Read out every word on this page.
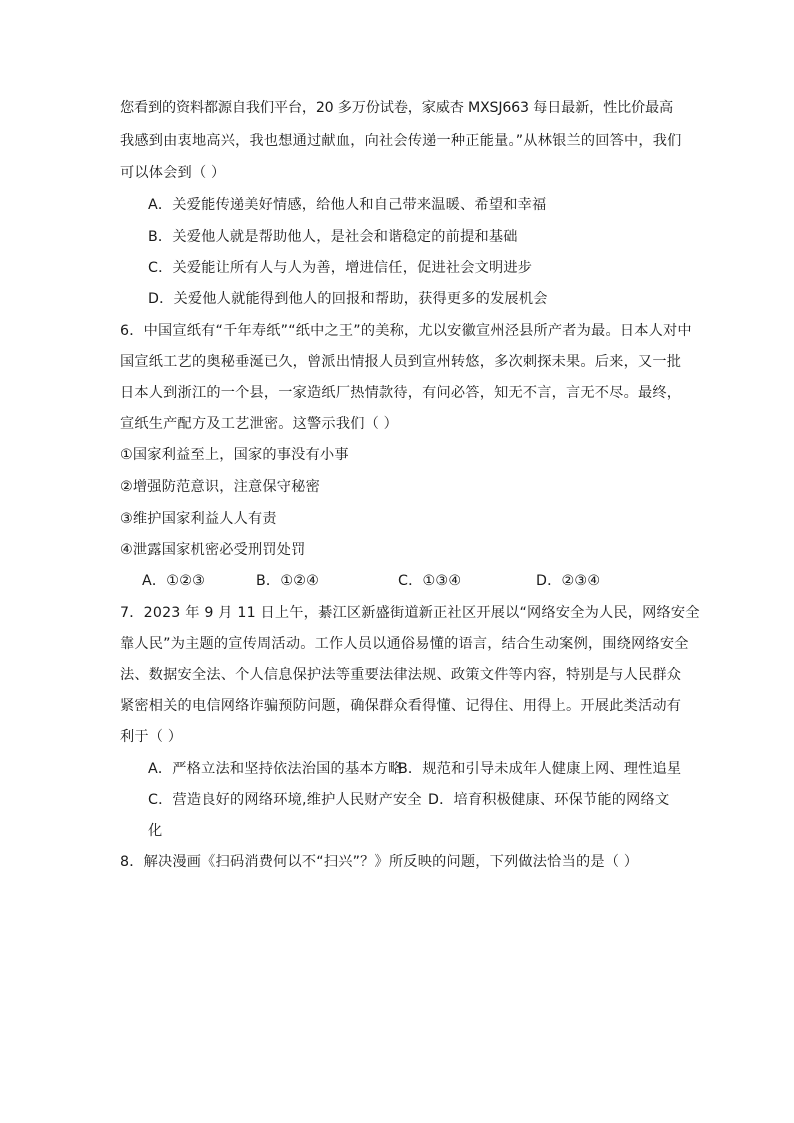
您看到的资料都源自我们平台，20 多万份试卷，家威杏 MXSJ663 每日最新，性比价最高
我感到由衷地高兴，我也想通过献血，向社会传递一种正能量。”从林银兰的回答中，我们
可以体会到（ ）
A．关爱能传递美好情感，给他人和自己带来温暖、希望和幸福
B．关爱他人就是帮助他人，是社会和谐稳定的前提和基础
C．关爱能让所有人与人为善，增进信任，促进社会文明进步
D．关爱他人就能得到他人的回报和帮助，获得更多的发展机会
6．中国宣纸有“千年寿纸”“纸中之王”的美称，尤以安徽宣州泾县所产者为最。日本人对中
国宣纸工艺的奥秘垂涎已久，曾派出情报人员到宣州转悠，多次刺探未果。后来，又一批
日本人到浙江的一个县，一家造纸厂热情款待，有问必答，知无不言，言无不尽。最终，
宣纸生产配方及工艺泄密。这警示我们（ ）
①国家利益至上，国家的事没有小事
②增强防范意识，注意保守秘密
③维护国家利益人人有责
④泄露国家机密必受刑罚处罚
A．①②③	B．①②④	C．①③④	D．②③④
7．2023 年 9 月 11 日上午，綦江区新盛街道新正社区开展以“网络安全为人民，网络安全
靠人民”为主题的宣传周活动。工作人员以通俗易懂的语言，结合生动案例，围绕网络安全
法、数据安全法、个人信息保护法等重要法律法规、政策文件等内容，特别是与人民群众
紧密相关的电信网络诈骗预防问题，确保群众看得懂、记得住、用得上。开展此类活动有
利于（ ）
A．严格立法和坚持依法治国的基本方略
B．规范和引导未成年人健康上网、理性追星
C．营造良好的网络环境,维护人民财产安全 D．培育积极健康、环保节能的网络文
化
8．解决漫画《扫码消费何以不“扫兴”？》所反映的问题，下列做法恰当的是（ ）
